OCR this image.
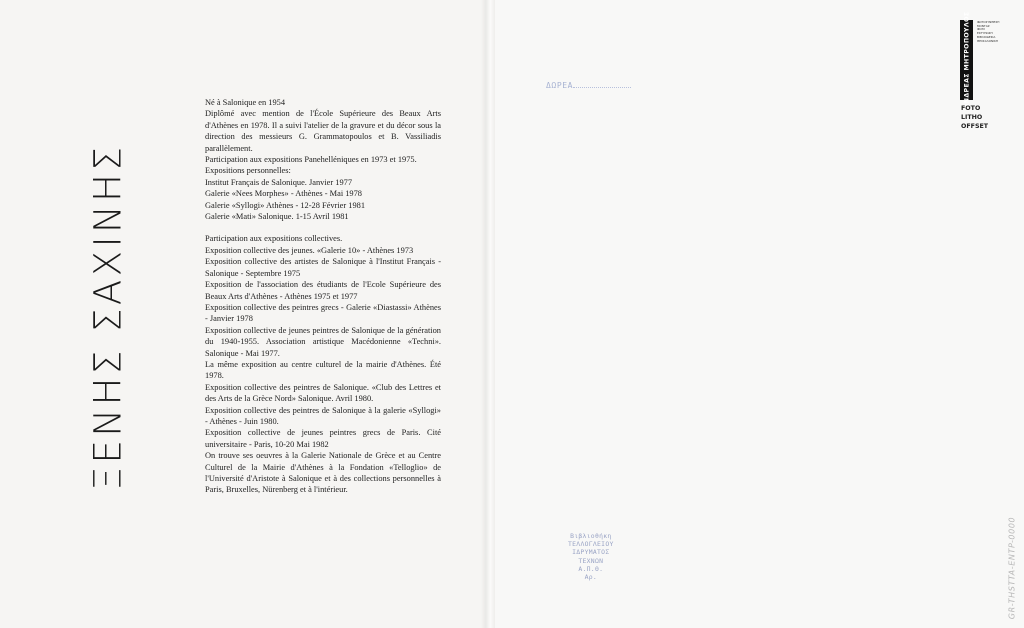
ΞΕΝΗΣ ΣΑΧΙΝΗΣ

Né à Salonique en 1954

Diplômé avec mention de l'École Supérieure des Beaux Arts d'Athènes en 1978. Il a suivi l'atelier de la gravure et du décor sous la direction des messieurs G. Grammatopoulos et B. Vassiliadis parallèlement.

Participation aux expositions Panehelléniques en 1973 et 1975.

Expositions personnelles:

Institut Français de Salonique. Janvier 1977

Galerie «Nees Morphes» - Athènes - Mai 1978

Galerie «Syllogi» Athènes - 12-28 Février 1981

Galerie «Mati» Salonique. 1-15 Avril 1981

Participation aux expositions collectives.

Exposition collective des jeunes. «Galerie 10» - Athènes 1973

Exposition collective des artistes de Salonique à l'Institut Français - Salonique - Septembre 1975

Exposition de l'association des étudiants de l'Ecole Supérieure des Beaux Arts d'Athènes - Athènes 1975 et 1977

Exposition collective des peintres grecs - Galerie «Diastassi» Athènes - Janvier 1978

Exposition collective de jeunes peintres de Salonique de la génération du 1940-1955. Association artistique Macédonienne «Techni». Salonique - Mai 1977.

La même exposition au centre culturel de la mairie d'Athènes. Été 1978.

Exposition collective des peintres de Salonique. «Club des Lettres et des Arts de la Grèce Nord» Salonique. Avril 1980.

Exposition collective des peintres de Salonique à la galerie «Syllogi» - Athènes - Juin 1980.

Exposition collective de jeunes peintres grecs de Paris. Cité universitaire - Paris, 10-20 Mai 1982

On trouve ses oeuvres à la Galerie Nationale de Grèce et au Centre Culturel de la Mairie d'Athènes à la Fondation «Telloglio» de l'Université d'Aristote à Salonique et à des collections personnelles à Paris, Bruxelles, Nürenberg et à l'intérieur.

ΔΩΡΕΑ
Βιβλιοθήκη
ΤΕΛΛΟΓΛΕΙΟΥ
ΙΔΡΥΜΑΤΟΣ
ΤΕΧΝΩΝ
Α.Π.Θ.
Αρ.
ΑΝΔΡΕΑΣ ΜΗΤΡΟΠΟΥΛΟΣ ΦΩΤΟΣΥΝΘΕΣΗ
ΜΟΝΤΑΖ
ΦΙΛΜ
ΕΚΤΥΠΩΣΗ
ΒΙΒΛΙΟΔΕΣΙΑ
ΘΕΣΣΑΛΟΝΙΚΗ
FOTO
LITHO
OFFSET
GR-THSTTA-ENTP-0000
